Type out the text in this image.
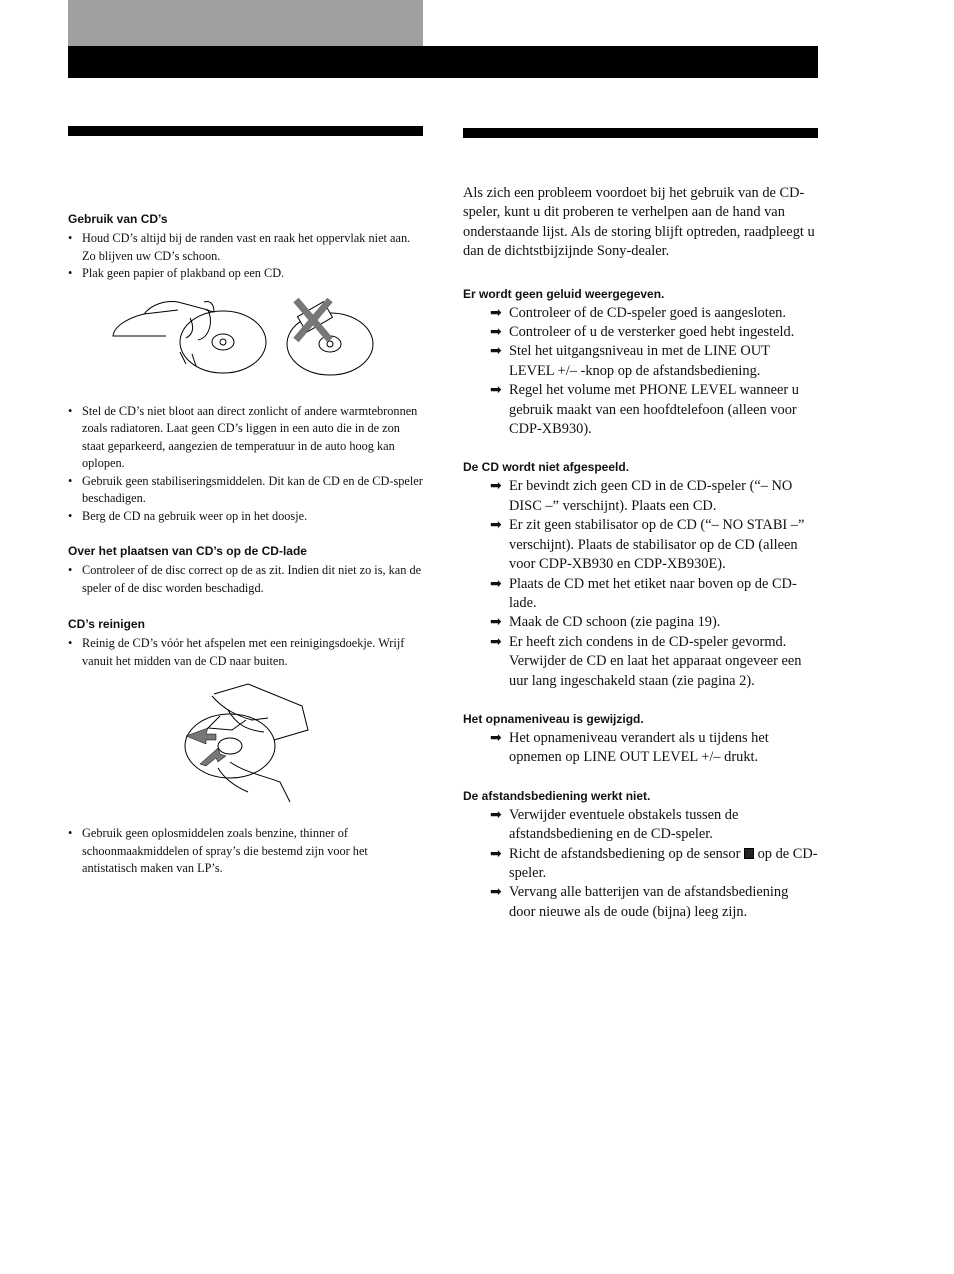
Gebruik van CD’s
• Houd CD’s altijd bij de randen vast en raak het oppervlak niet aan. Zo blijven uw CD’s schoon.
• Plak geen papier of plakband op een CD.
• Stel de CD’s niet bloot aan direct zonlicht of andere warmtebronnen zoals radiatoren. Laat geen CD’s liggen in een auto die in de zon staat geparkeerd, aangezien de temperatuur in de auto hoog kan oplopen.
• Gebruik geen stabiliseringsmiddelen. Dit kan de CD en de CD-speler beschadigen.
• Berg de CD na gebruik weer op in het doosje.
Over het plaatsen van CD’s op de CD-lade
• Controleer of de disc correct op de as zit. Indien dit niet zo is, kan de speler of de disc worden beschadigd.
CD’s reinigen
• Reinig de CD’s vóór het afspelen met een reinigingsdoekje. Wrijf vanuit het midden van de CD naar buiten.
• Gebruik geen oplosmiddelen zoals benzine, thinner of schoonmaakmiddelen of spray’s die bestemd zijn voor het antistatisch maken van LP’s.

Als zich een probleem voordoet bij het gebruik van de CD-speler, kunt u dit proberen te verhelpen aan de hand van onderstaande lijst. Als de storing blijft optreden, raadpleegt u dan de dichtstbijzijnde Sony-dealer.

Er wordt geen geluid weergegeven.
➡ Controleer of de CD-speler goed is aangesloten.
➡ Controleer of u de versterker goed hebt ingesteld.
➡ Stel het uitgangsniveau in met de LINE OUT LEVEL +/– -knop op de afstandsbediening.
➡ Regel het volume met PHONE LEVEL wanneer u gebruik maakt van een hoofdtelefoon (alleen voor CDP-XB930).
De CD wordt niet afgespeeld.
➡ Er bevindt zich geen CD in de CD-speler (“– NO DISC –” verschijnt). Plaats een CD.
➡ Er zit geen stabilisator op de CD (“– NO STABI –” verschijnt). Plaats de stabilisator op de CD (alleen voor CDP-XB930 en CDP-XB930E).
➡ Plaats de CD met het etiket naar boven op de CD-lade.
➡ Maak de CD schoon (zie pagina 19).
➡ Er heeft zich condens in de CD-speler gevormd. Verwijder de CD en laat het apparaat ongeveer een uur lang ingeschakeld staan (zie pagina 2).
Het opnameniveau is gewijzigd.
➡ Het opnameniveau verandert als u tijdens het opnemen op LINE OUT LEVEL +/– drukt.
De afstandsbediening werkt niet.
➡ Verwijder eventuele obstakels tussen de afstandsbediening en de CD-speler.
➡ Richt de afstandsbediening op de sensor  op de CD-speler.
➡ Vervang alle batterijen van de afstandsbediening door nieuwe als de oude (bijna) leeg zijn.
